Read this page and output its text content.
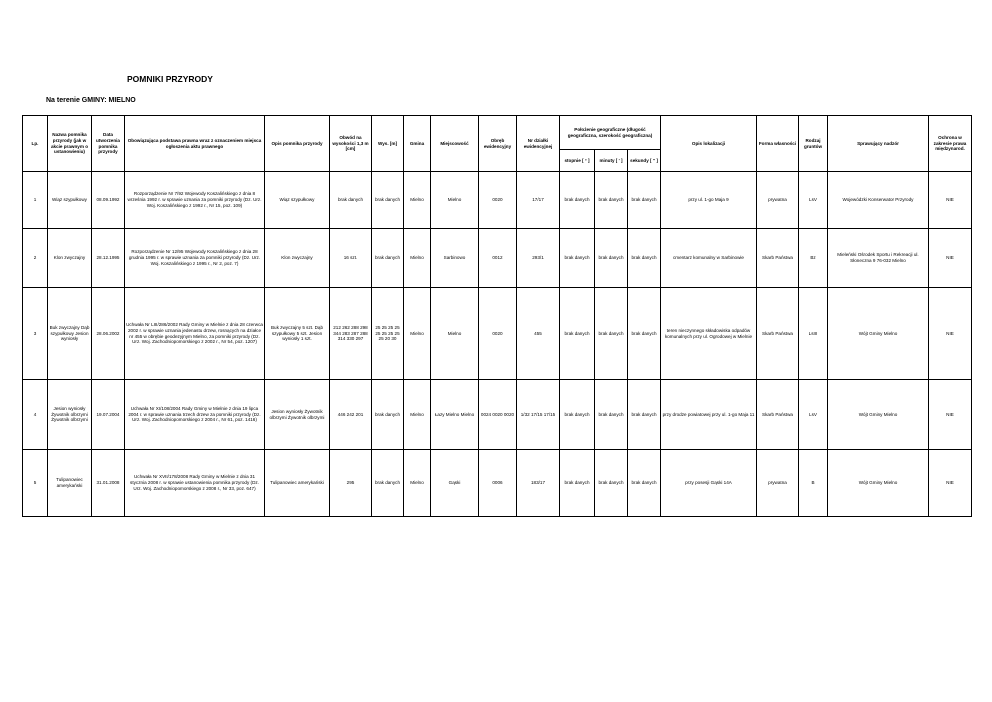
POMNIKI PRZYRODY
Na terenie GMINY: MIELNO
Lp.	Nazwa pomnika przyrody (jak w akcie prawnym o ustanowieniu)	Data utworzenia pomnika przyrody	Obowiązująca podstawa prawna wraz z oznaczeniem miejsca ogłoszenia aktu prawnego	Opis pomnika przyrody	Obwód na wysokości 1,3 m [cm]	Wys. [m]	Gmina	Miejscowość	Obręb ewidencyjny	Nr działki ewidencyjnej	Położenie geograficzne (długość geograficzna, szerokość geograficzna)			Opis lokalizacji	Forma własności	Rodzaj gruntów	Sprawujący nadzór	Ochrona w zakresie prawa międzynarod.
											stopnie [ ° ]	minuty [ ' ]	sekundy [ " ]					
1	Wiąz szypułkowy	08.09.1992	Rozporządzenie Nr 7/92 Wojewody Koszalińskiego z dnia 8 września 1992 r. w sprawie uznania za pomniki przyrody (Dz. Urz. Woj. Koszalińskiego z 1992 r., Nr 15, poz. 109)	Wiąz szypułkowy	brak danych	brak danych	Mielno	Mielno	0020	17/17	brak danych	brak danych	brak danych	przy ul. 1-go Maja 9	prywatna	LsV	Wojewódzki Konserwator Przyrody	NIE
2	Klon zwyczajny	28.12.1995	Rozporządzenie Nr 12/95 Wojewody Koszalińskiego z dnia 28 grudnia 1995 r. w sprawie uznania za pomniki przyrody (Dz. Urz. Woj. Koszalińskiego z 1995 r., Nr 2, poz. 7)	Klon zwyczajny	16 szt.	brak danych	Mielno	Sarbinowo	0012	293/1	brak danych	brak danych	brak danych	cmentarz komunalny w Sarbinowie	Skarb Państwa	Bz	Mieleński Ośrodek Sportu i Rekreacji ul. Słoneczna 9 76-032 Mielno	NIE
3	Buk zwyczajny Dąb szypułkowy Jesion wyniosły	28.06.2002	Uchwała Nr LIII/286/2002 Rady Gminy w Mielnie z dnia 28 czerwca 2002 r. w sprawie uznania jedenastu drzew, rosnących na działce nr 455 w obrębie geodezyjnym Mielno, za pomniki przyrody (Dz. Urz. Woj. Zachodniopomorskiego z 2002 r., Nr 54, poz. 1207)	Buk zwyczajny 5 szt. Dąb szypułkowy 5 szt. Jesion wyniosły 1 szt.	212 262 288 298 344 283 287 288 314 330 297	25 25 25 25 25 25 25 25 25 20 30	Mielno	Mielno	0020	455	brak danych	brak danych	brak danych	teren nieczynnego składowiska odpadów komunalnych przy ul. Ogrodowej w Mielnie	Skarb Państwa	LsIII	Wójt Gminy Mielno	NIE
4	Jesion wyniosły Żywotnik olbrzymi Żywotnik olbrzymi	19.07.2004	Uchwała Nr XI/108/2004 Rady Gminy w Mielnie z dnia 19 lipca 2004 r. w sprawie uznania trzech drzew za pomniki przyrody (Dz. Urz. Woj. Zachodniopomorskiego z 2004 r., Nr 61, poz. 1416)	Jesion wyniosły Żywotnik olbrzymi Żywotnik olbrzymi	446 242 201	brak danych	Mielno	Łazy Mielno Mielno	0024 0020 0020	1/32 17/15 17/15	brak danych	brak danych	brak danych	przy drodze powiatowej przy ul. 1-go Maja 11	Skarb Państwa	LsV	Wójt Gminy Mielno	NIE
5	Tulipanowiec amerykański	31.01.2008	Uchwała Nr XVII/178/2008 Rady Gminy w Mielnie z dnia 31 stycznia 2008 r. w sprawie ustanowienia pomnika przyrody (Dz. Urz. Woj. Zachodniopomorskiego z 2008 r., Nr 33, poz. 647)	Tulipanowiec amerykański	295	brak danych	Mielno	Gąski	0006	183/17	brak danych	brak danych	brak danych	przy posesji Gąski 14A	prywatna	B	Wójt Gminy Mielno	NIE
